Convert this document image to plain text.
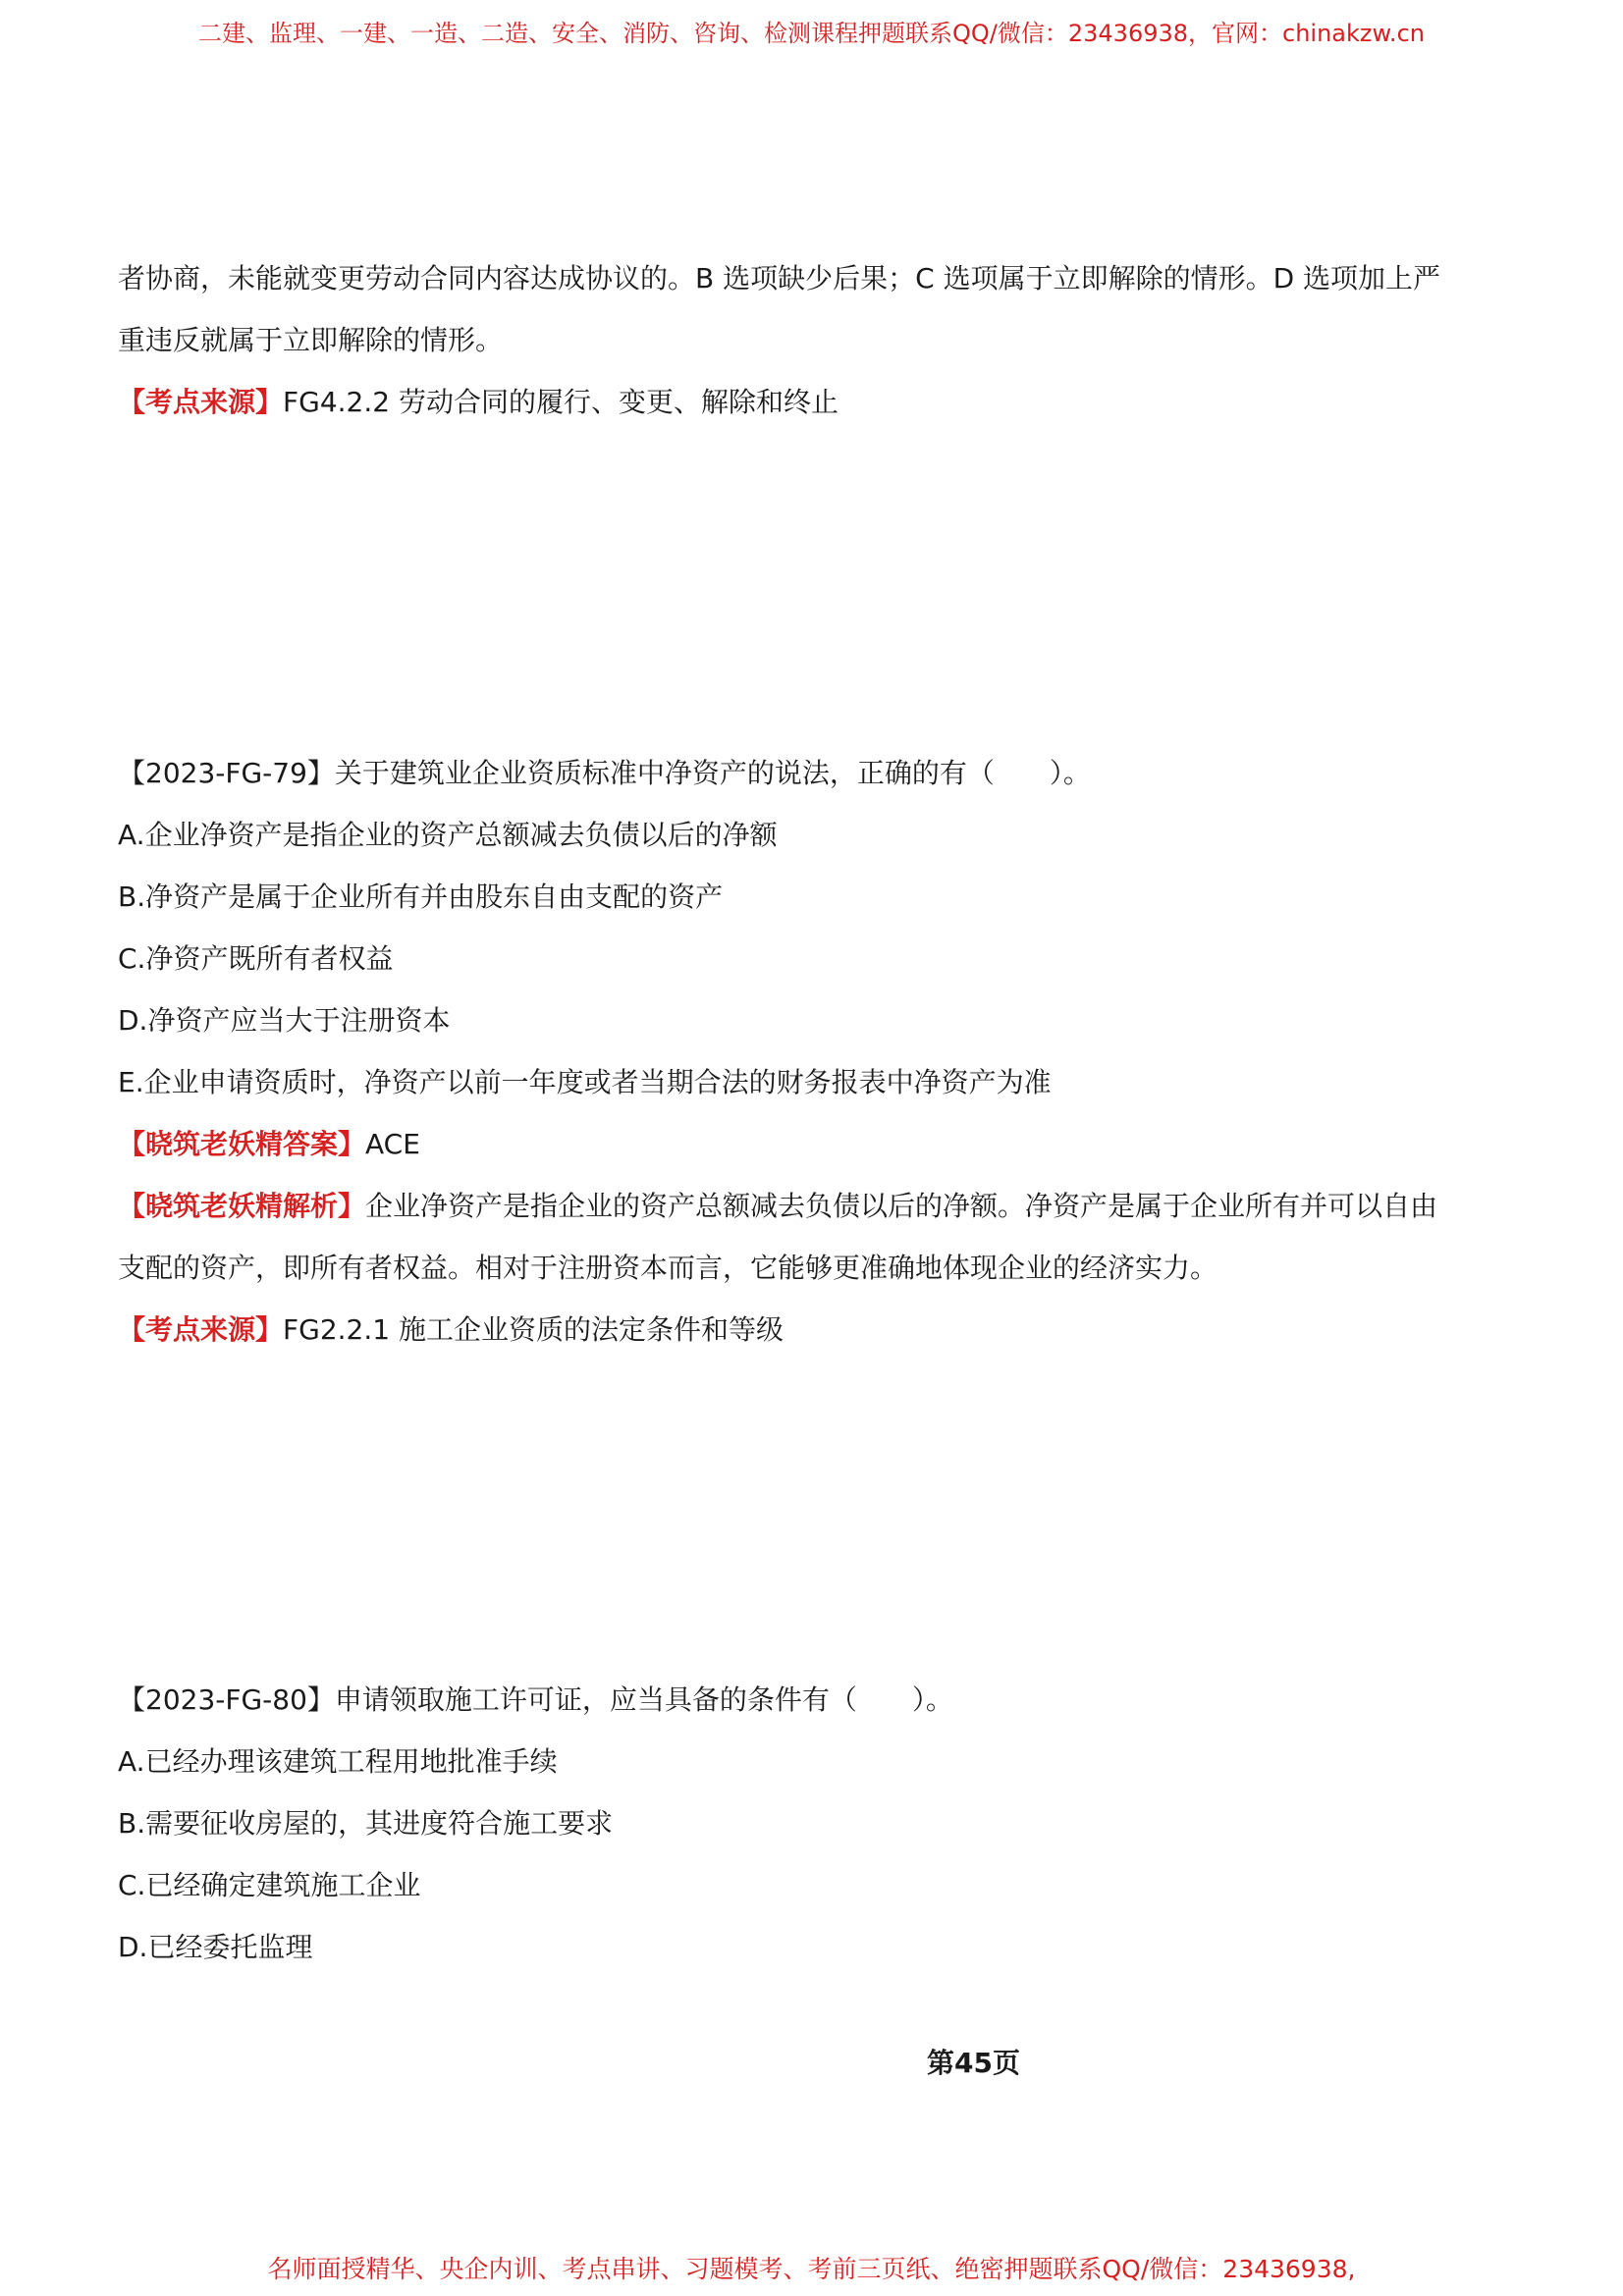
二建、监理、一建、一造、二造、安全、消防、咨询、检测课程押题联系QQ/微信：23436938，官网：chinakzw.cn
者协商，未能就变更劳动合同内容达成协议的。B 选项缺少后果；C 选项属于立即解除的情形。D 选项加上严
重违反就属于立即解除的情形。
【考点来源】FG4.2.2 劳动合同的履行、变更、解除和终止
【2023-FG-79】关于建筑业企业资质标准中净资产的说法，正确的有（　　）。
A.企业净资产是指企业的资产总额减去负债以后的净额
B.净资产是属于企业所有并由股东自由支配的资产
C.净资产既所有者权益
D.净资产应当大于注册资本
E.企业申请资质时，净资产以前一年度或者当期合法的财务报表中净资产为准
【晓筑老妖精答案】ACE
【晓筑老妖精解析】企业净资产是指企业的资产总额减去负债以后的净额。净资产是属于企业所有并可以自由
支配的资产，即所有者权益。相对于注册资本而言，它能够更准确地体现企业的经济实力。
【考点来源】FG2.2.1 施工企业资质的法定条件和等级
【2023-FG-80】申请领取施工许可证，应当具备的条件有（　　）。
A.已经办理该建筑工程用地批准手续
B.需要征收房屋的，其进度符合施工要求
C.已经确定建筑施工企业
D.已经委托监理
第45页
名师面授精华、央企内训、考点串讲、习题模考、考前三页纸、绝密押题联系QQ/微信：23436938,
